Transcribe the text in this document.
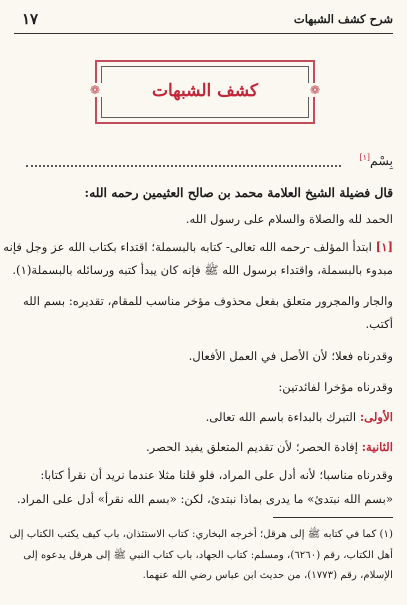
شرح كشف الشبهات
١٧
❁	❁
كشف الشبهات
بِسْم[١]
قال فضيلة الشيخ العلامة محمد بن صالح العثيمين رحمه الله:
الحمد لله والصلاة والسلام على رسول الله.
[١] ابتدأ المؤلف -رحمه الله تعالى- كتابه بالبسملة؛ اقتداء بكتاب الله عز وجل فإنه
مبدوء بالبسملة، واقتداء برسول الله ﷺ فإنه كان يبدأ كتبه ورسائله بالبسملة(١).
والجار والمجرور متعلق بفعل محذوف مؤخر مناسب للمقام، تقديره: بسم الله
أكتب.
وقدرناه فعلا؛ لأن الأصل في العمل الأفعال.
وقدرناه مؤخرا لفائدتين:
الأولى: التبرك بالبداءة باسم الله تعالى.
الثانية: إفادة الحصر؛ لأن تقديم المتعلق يفيد الحصر.
وقدرناه مناسبا؛ لأنه أدل على المراد، فلو قلنا مثلا عندما نريد أن نقرأ كتابا:
«بسم الله نبتدئ» ما يدرى بماذا نبتدئ، لكن: «بسم الله نقرأ» أدل على المراد.
(١) كما في كتابه ﷺ إلى هرقل؛ أخرجه البخاري: كتاب الاستئذان، باب كيف يكتب الكتاب إلى
أهل الكتاب، رقم (٦٢٦٠)، ومسلم: كتاب الجهاد، باب كتاب النبي ﷺ إلى هرقل يدعوه إلى
الإسلام، رقم (١٧٧٣)، من حديث ابن عباس رضي الله عنهما.
